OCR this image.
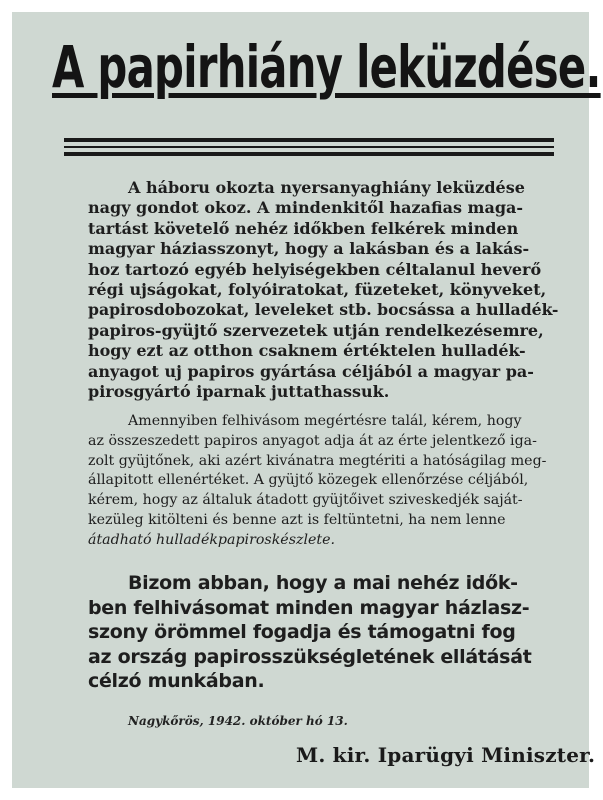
A papirhiány leküzdése.
A háboru okozta nyersanyaghiány leküzdése
nagy gondot okoz. A mindenkitől hazafias maga-
tartást követelő nehéz időkben felkérek minden
magyar háziasszonyt, hogy a lakásban és a lakás-
hoz tartozó egyéb helyiségekben céltalanul heverő
régi ujságokat, folyóiratokat, füzeteket, könyveket,
papirosdobozokat, leveleket stb. bocsássa a hulladék-
papiros-gyüjtő szervezetek utján rendelkezésemre,
hogy ezt az otthon csaknem értéktelen hulladék-
anyagot uj papiros gyártása céljából a magyar pa-
pirosgyártó iparnak juttathassuk.
Amennyiben felhivásom megértésre talál, kérem, hogy
az összeszedett papiros anyagot adja át az érte jelentkező iga-
zolt gyüjtőnek, aki azért kivánatra megtériti a hatóságilag meg-
állapitott ellenértéket. A gyüjtő közegek ellenőrzése céljából,
kérem, hogy az általuk átadott gyüjtőivet sziveskedjék saját-
kezüleg kitölteni és benne azt is feltüntetni, ha nem lenne
átadható hulladékpapiroskészlete.
Bizom abban, hogy a mai nehéz idők-
ben felhivásomat minden magyar házlasz-
szony örömmel fogadja és támogatni fog
az ország papirosszükségletének ellátását
célzó munkában.
Nagykőrös, 1942. október hó 13.
M. kir. Iparügyi Miniszter.
